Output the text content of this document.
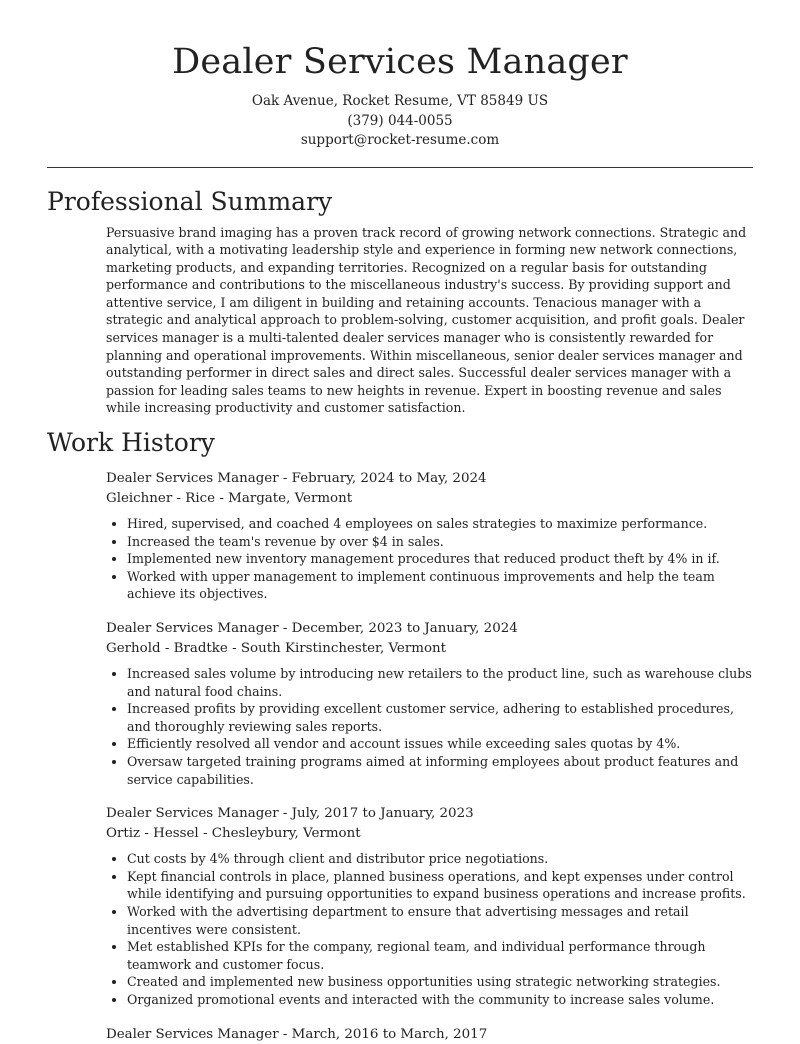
Dealer Services Manager
Oak Avenue, Rocket Resume, VT 85849 US
(379) 044-0055
support@rocket-resume.com
Professional Summary

Persuasive brand imaging has a proven track record of growing network connections. Strategic and analytical, with a motivating leadership style and experience in forming new network connections, marketing products, and expanding territories. Recognized on a regular basis for outstanding performance and contributions to the miscellaneous industry's success. By providing support and attentive service, I am diligent in building and retaining accounts. Tenacious manager with a strategic and analytical approach to problem-solving, customer acquisition, and profit goals. Dealer services manager is a multi-talented dealer services manager who is consistently rewarded for planning and operational improvements. Within miscellaneous, senior dealer services manager and outstanding performer in direct sales and direct sales. Successful dealer services manager with a passion for leading sales teams to new heights in revenue. Expert in boosting revenue and sales while increasing productivity and customer satisfaction.

Work History
Dealer Services Manager - February, 2024 to May, 2024
Gleichner - Rice - Margate, Vermont
• Hired, supervised, and coached 4 employees on sales strategies to maximize performance.
• Increased the team's revenue by over $4 in sales.
• Implemented new inventory management procedures that reduced product theft by 4% in if.
• Worked with upper management to implement continuous improvements and help the team achieve its objectives.
Dealer Services Manager - December, 2023 to January, 2024
Gerhold - Bradtke - South Kirstinchester, Vermont
• Increased sales volume by introducing new retailers to the product line, such as warehouse clubs and natural food chains.
• Increased profits by providing excellent customer service, adhering to established procedures, and thoroughly reviewing sales reports.
• Efficiently resolved all vendor and account issues while exceeding sales quotas by 4%.
• Oversaw targeted training programs aimed at informing employees about product features and service capabilities.
Dealer Services Manager - July, 2017 to January, 2023
Ortiz - Hessel - Chesleybury, Vermont
• Cut costs by 4% through client and distributor price negotiations.
• Kept financial controls in place, planned business operations, and kept expenses under control while identifying and pursuing opportunities to expand business operations and increase profits.
• Worked with the advertising department to ensure that advertising messages and retail incentives were consistent.
• Met established KPIs for the company, regional team, and individual performance through teamwork and customer focus.
• Created and implemented new business opportunities using strategic networking strategies.
• Organized promotional events and interacted with the community to increase sales volume.
Dealer Services Manager - March, 2016 to March, 2017
